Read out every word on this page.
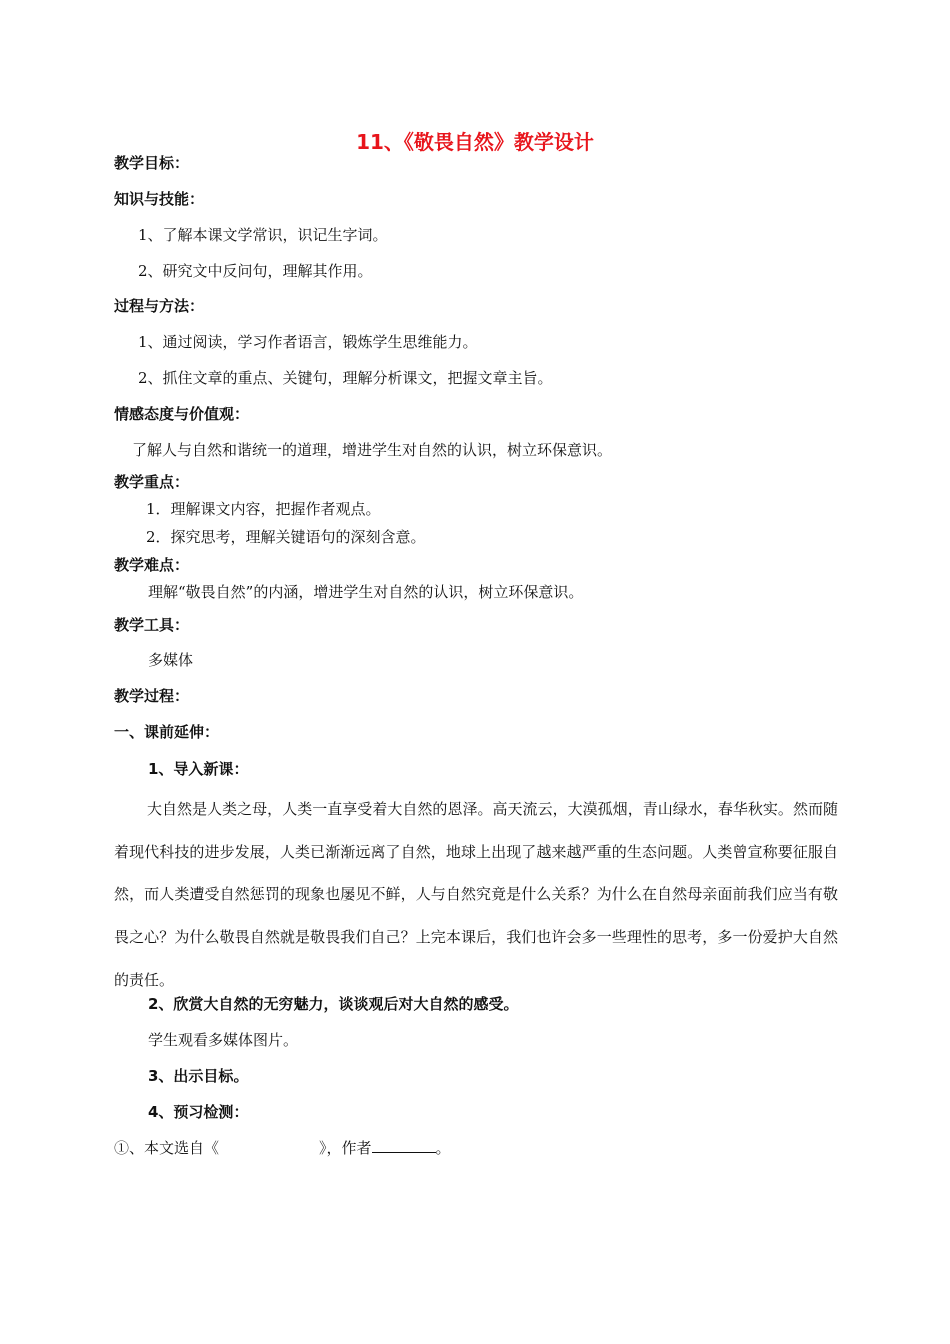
11、《敬畏自然》教学设计
教学目标：
知识与技能：
1、了解本课文学常识，识记生字词。
2、研究文中反问句，理解其作用。
过程与方法：
1、通过阅读，学习作者语言，锻炼学生思维能力。
2、抓住文章的重点、关键句，理解分析课文，把握文章主旨。
情感态度与价值观：
了解人与自然和谐统一的道理，增进学生对自然的认识，树立环保意识。
教学重点：
1．理解课文内容，把握作者观点。
2．探究思考，理解关键语句的深刻含意。
教学难点：
理解“敬畏自然”的内涵，增进学生对自然的认识，树立环保意识。
教学工具：
多媒体
教学过程：
一、课前延伸：
1、导入新课：
大自然是人类之母，人类一直享受着大自然的恩泽。高天流云，大漠孤烟，青山绿水，春华秋实。然而随着现代科技的进步发展，人类已渐渐远离了自然，地球上出现了越来越严重的生态问题。人类曾宣称要征服自然，而人类遭受自然惩罚的现象也屡见不鲜，人与自然究竟是什么关系？为什么在自然母亲面前我们应当有敬畏之心？为什么敬畏自然就是敬畏我们自己？上完本课后，我们也许会多一些理性的思考，多一份爱护大自然的责任。
2、欣赏大自然的无穷魅力，谈谈观后对大自然的感受。
学生观看多媒体图片。
3、出示目标。
4、预习检测：
①、本文选自《	》，作者	。
